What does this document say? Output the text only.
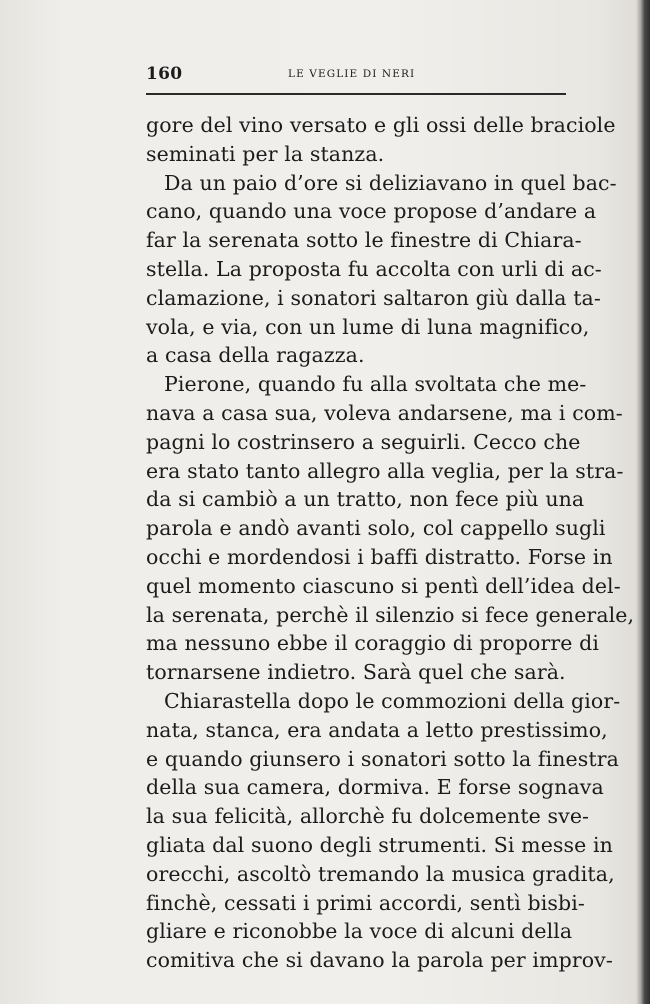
160	LE VEGLIE DI NERI
gore del vino versato e gli ossi delle braciole
seminati per la stanza.
Da un paio d’ore si deliziavano in quel bac-
cano, quando una voce propose d’andare a
far la serenata sotto le finestre di Chiara-
stella. La proposta fu accolta con urli di ac-
clamazione, i sonatori saltaron giù dalla ta-
vola, e via, con un lume di luna magnifico,
a casa della ragazza.
Pierone, quando fu alla svoltata che me-
nava a casa sua, voleva andarsene, ma i com-
pagni lo costrinsero a seguirli. Cecco che
era stato tanto allegro alla veglia, per la stra-
da si cambiò a un tratto, non fece più una
parola e andò avanti solo, col cappello sugli
occhi e mordendosi i baffi distratto. Forse in
quel momento ciascuno si pentì dell’idea del-
la serenata, perchè il silenzio si fece generale,
ma nessuno ebbe il coraggio di proporre di
tornarsene indietro. Sarà quel che sarà.
Chiarastella dopo le commozioni della gior-
nata, stanca, era andata a letto prestissimo,
e quando giunsero i sonatori sotto la finestra
della sua camera, dormiva. E forse sognava
la sua felicità, allorchè fu dolcemente sve-
gliata dal suono degli strumenti. Si messe in
orecchi, ascoltò tremando la musica gradita,
finchè, cessati i primi accordi, sentì bisbi-
gliare e riconobbe la voce di alcuni della
comitiva che si davano la parola per improv-
